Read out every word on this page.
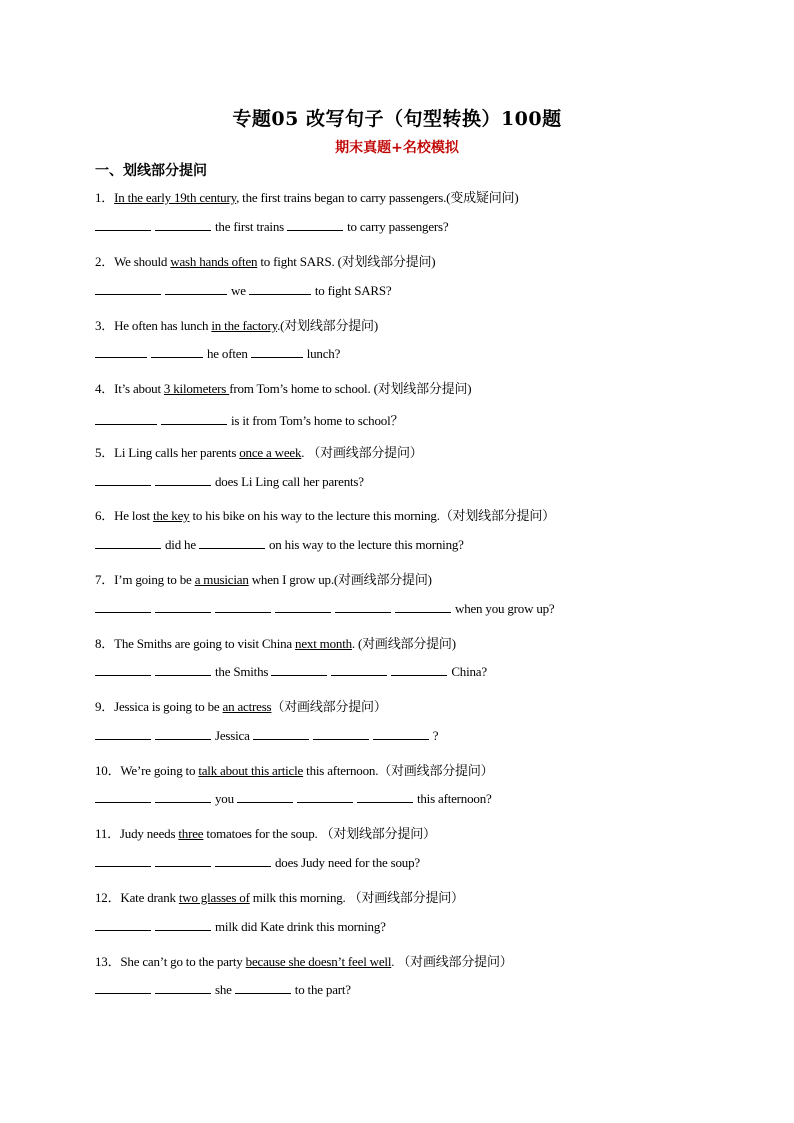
专题05 改写句子（句型转换）100题
期末真题+名校模拟
一、划线部分提问
1．In the early 19th century, the first trains began to carry passengers.(变成疑问问)
the first trains	to carry passengers?
2．We should wash hands often to fight SARS. (对划线部分提问)
we	to fight SARS?
3．He often has lunch in the factory.(对划线部分提问)
he often	lunch?
4．It’s about 3 kilometers from Tom’s home to school. (对划线部分提问)
is it from Tom’s home to school？
5．Li Ling calls her parents once a week. （对画线部分提问）
does Li Ling call her parents?
6．He lost the key to his bike on his way to the lecture this morning.（对划线部分提问）
did he	on his way to the lecture this morning?
7．I’m going to be a musician when I grow up.(对画线部分提问)
when you grow up?
8．The Smiths are going to visit China next month. (对画线部分提问)
the Smiths	China?
9．Jessica is going to be an actress（对画线部分提问）
Jessica	?
10．We’re going to talk about this article this afternoon.（对画线部分提问）
you	this afternoon?
11．Judy needs three tomatoes for the soup. （对划线部分提问）
does Judy need for the soup?
12．Kate drank two glasses of milk this morning. （对画线部分提问）
milk did Kate drink this morning?
13．She can’t go to the party because she doesn’t feel well. （对画线部分提问）
she	to the part?
